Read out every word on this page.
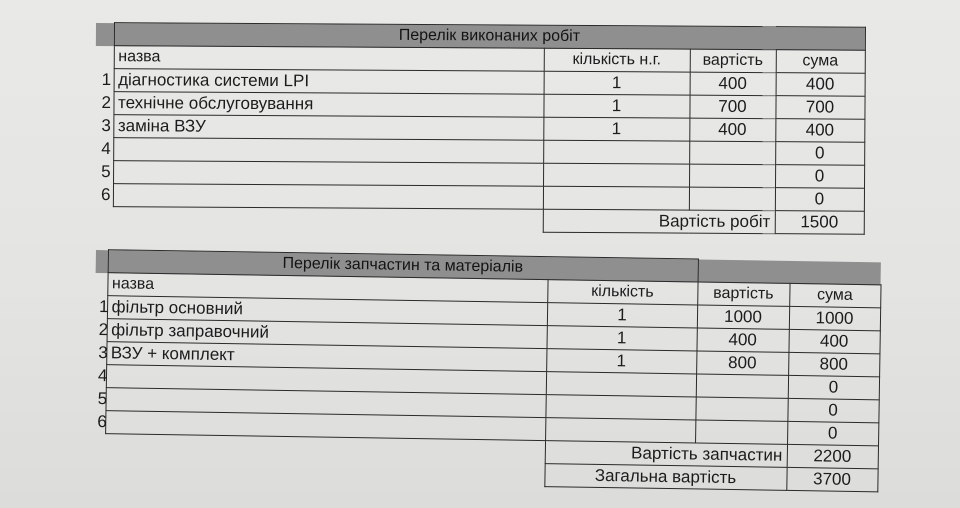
	Перелік виконаних робіт			
	назва	кількість н.г.	вартість	сума
1	діагностика системи LPI	1	400	400
2	технічне обслуговування	1	700	700
3	заміна ВЗУ	1	400	400
4				0
5				0
6				0
		Вартість робіт		1500
	Перелік запчастин та матеріалів			
	назва	кількість	вартість	сума
1	фільтр основний	1	1000	1000
2	фільтр заправочний	1	400	400
3	ВЗУ + комплект	1	800	800
4				0
5				0
6				0
		Вартість запчастин		2200
		Загальна вартість		3700
